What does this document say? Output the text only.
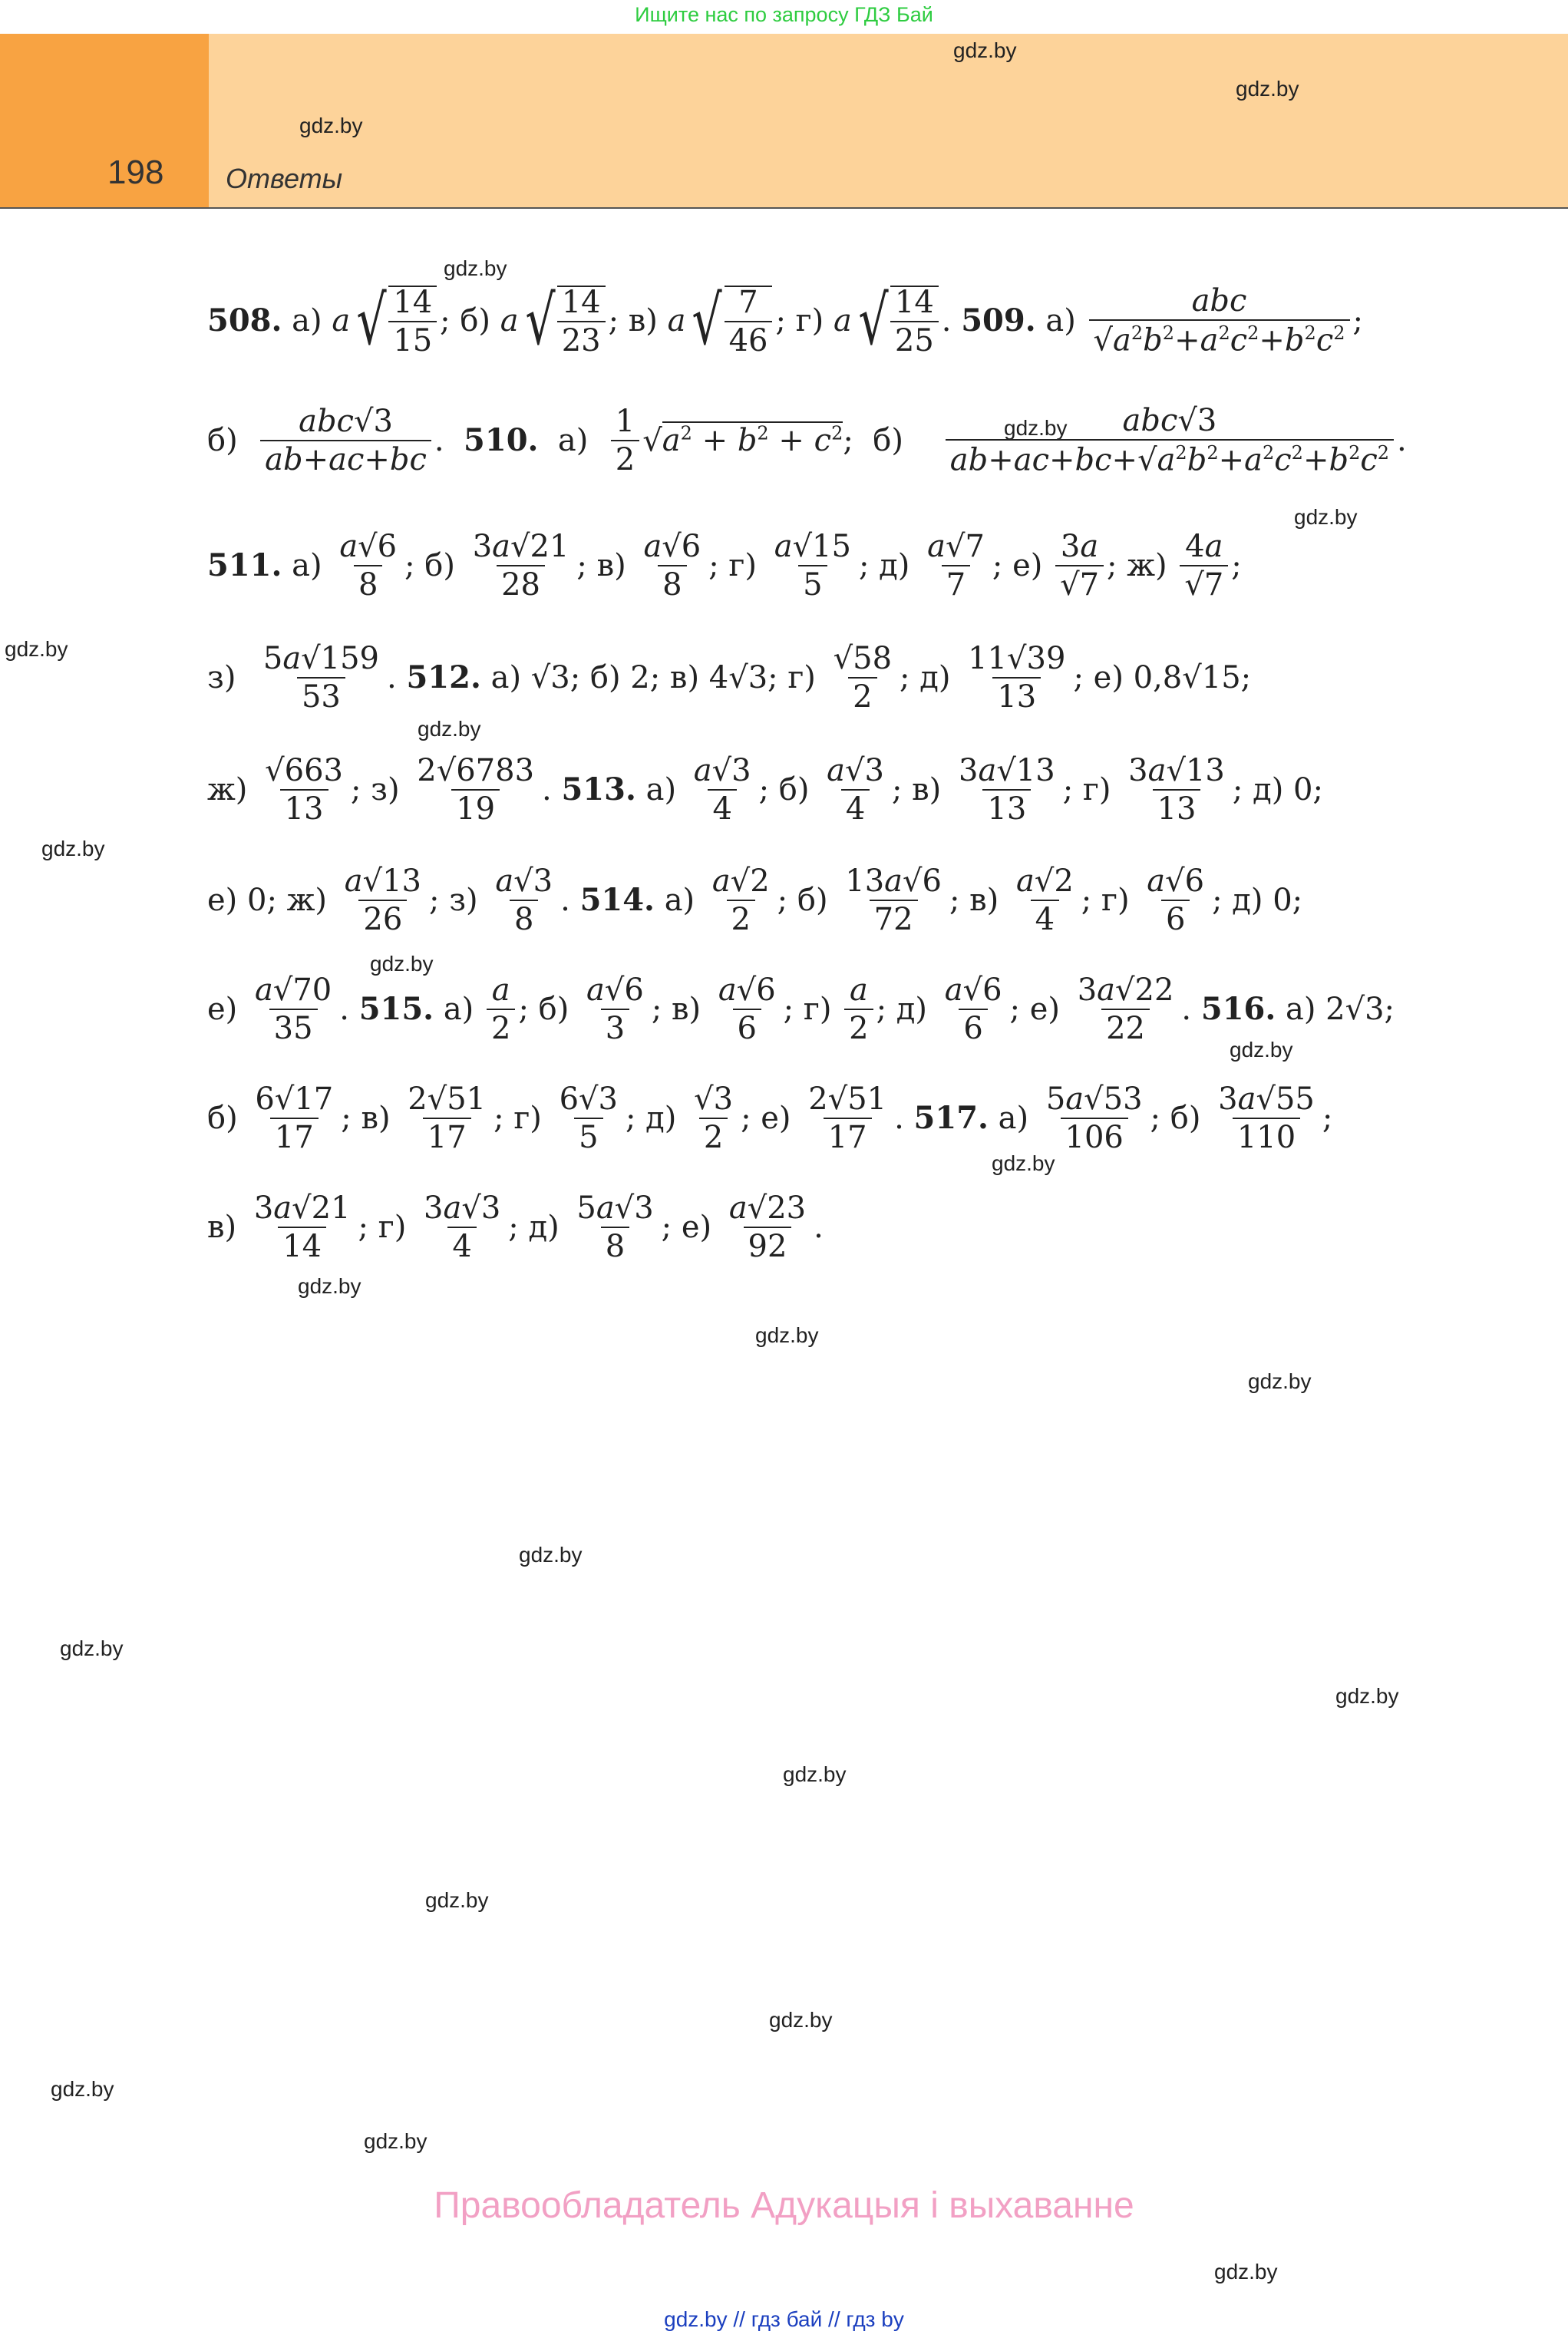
Ищите нас по запросу ГДЗ Бай
198 Ответы
gdz.by
gdz.by
gdz.by
gdz.by
gdz.by
gdz.by
gdz.by
gdz.by
gdz.by
gdz.by
gdz.by
gdz.by
gdz.by
gdz.by
gdz.by
gdz.by
gdz.by
gdz.by
gdz.by
gdz.by
gdz.by
gdz.by
gdz.by
gdz.by
508. а) a √ $\frac{14}{15}$ ; б) a √ $\frac{14}{23}$ ; в) a √ $\frac{7}{46}$ ; г) a √ $\frac{14}{25}$ . 509. $а) \frac{\text{abc}}{√a^2b^2+a^2c^2+b^2c^2}$ ;
$б) \frac{\text{abc√3}}{ab+ac+bc}$ . 510. $а) \frac{1}{2} √a^2 + b^2 + c^2$ ;  $б) \frac{\text{abc√3}}{ab+ac+bc+√a^2b^2+a^2c^2+b^2c^2}$ .
511. $а) \frac{a√6}{8}$ ; $б) \frac{3a√21}{28}$ ; $в) \frac{a√6}{8}$ ; $г) \frac{a√15}{5}$ ; $д) \frac{a√7}{7}$ ; $е) \frac{3a}{√7}$ ; $ж) \frac{4a}{√7}$ ;
$з) \frac{5a√159}{53}$ . 512. а) √3; б) 2; в) 4√3; $г) \frac{√58}{2}$ ; $д) \frac{11√39}{13}$ ; е) 0,8√15;
$ж) \frac{√663}{13}$ ; $з) \frac{2√6783}{19}$ . 513. $а) \frac{a√3}{4}$ ; $б) \frac{a√3}{4}$ ; $в) \frac{3a√13}{13}$ ; $г) \frac{3a√13}{13}$ ; д) 0;
е) 0; $ж) \frac{a√13}{26}$ ; $з) \frac{a√3}{8}$ . 514. $а) \frac{a√2}{2}$ ; $б) \frac{13a√6}{72}$ ; $в) \frac{a√2}{4}$ ; $г) \frac{a√6}{6}$ ; д) 0;
$е) \frac{a√70}{35}$ . 515. $а) \frac{a}{2}$ ; $б) \frac{a√6}{3}$ ; $в) \frac{a√6}{6}$ ; $г) \frac{a}{2}$ ; $д) \frac{a√6}{6}$ ; $е) \frac{3a√22}{22}$ . 516. а) 2√3;
$б) \frac{6√17}{17}$ ; $в) \frac{2√51}{17}$ ; $г) \frac{6√3}{5}$ ; $д) \frac{√3}{2}$ ; $е) \frac{2√51}{17}$ . 517. $а) \frac{5a√53}{106}$ ; $б) \frac{3a√55}{110}$ ;
$в) \frac{3a√21}{14}$ ; $г) \frac{3a√3}{4}$ ; $д) \frac{5a√3}{8}$ ; $е) \frac{a√23}{92}$ .
Правообладатель Адукацыя і выхаванне
gdz.by // гдз бай // гдз by
